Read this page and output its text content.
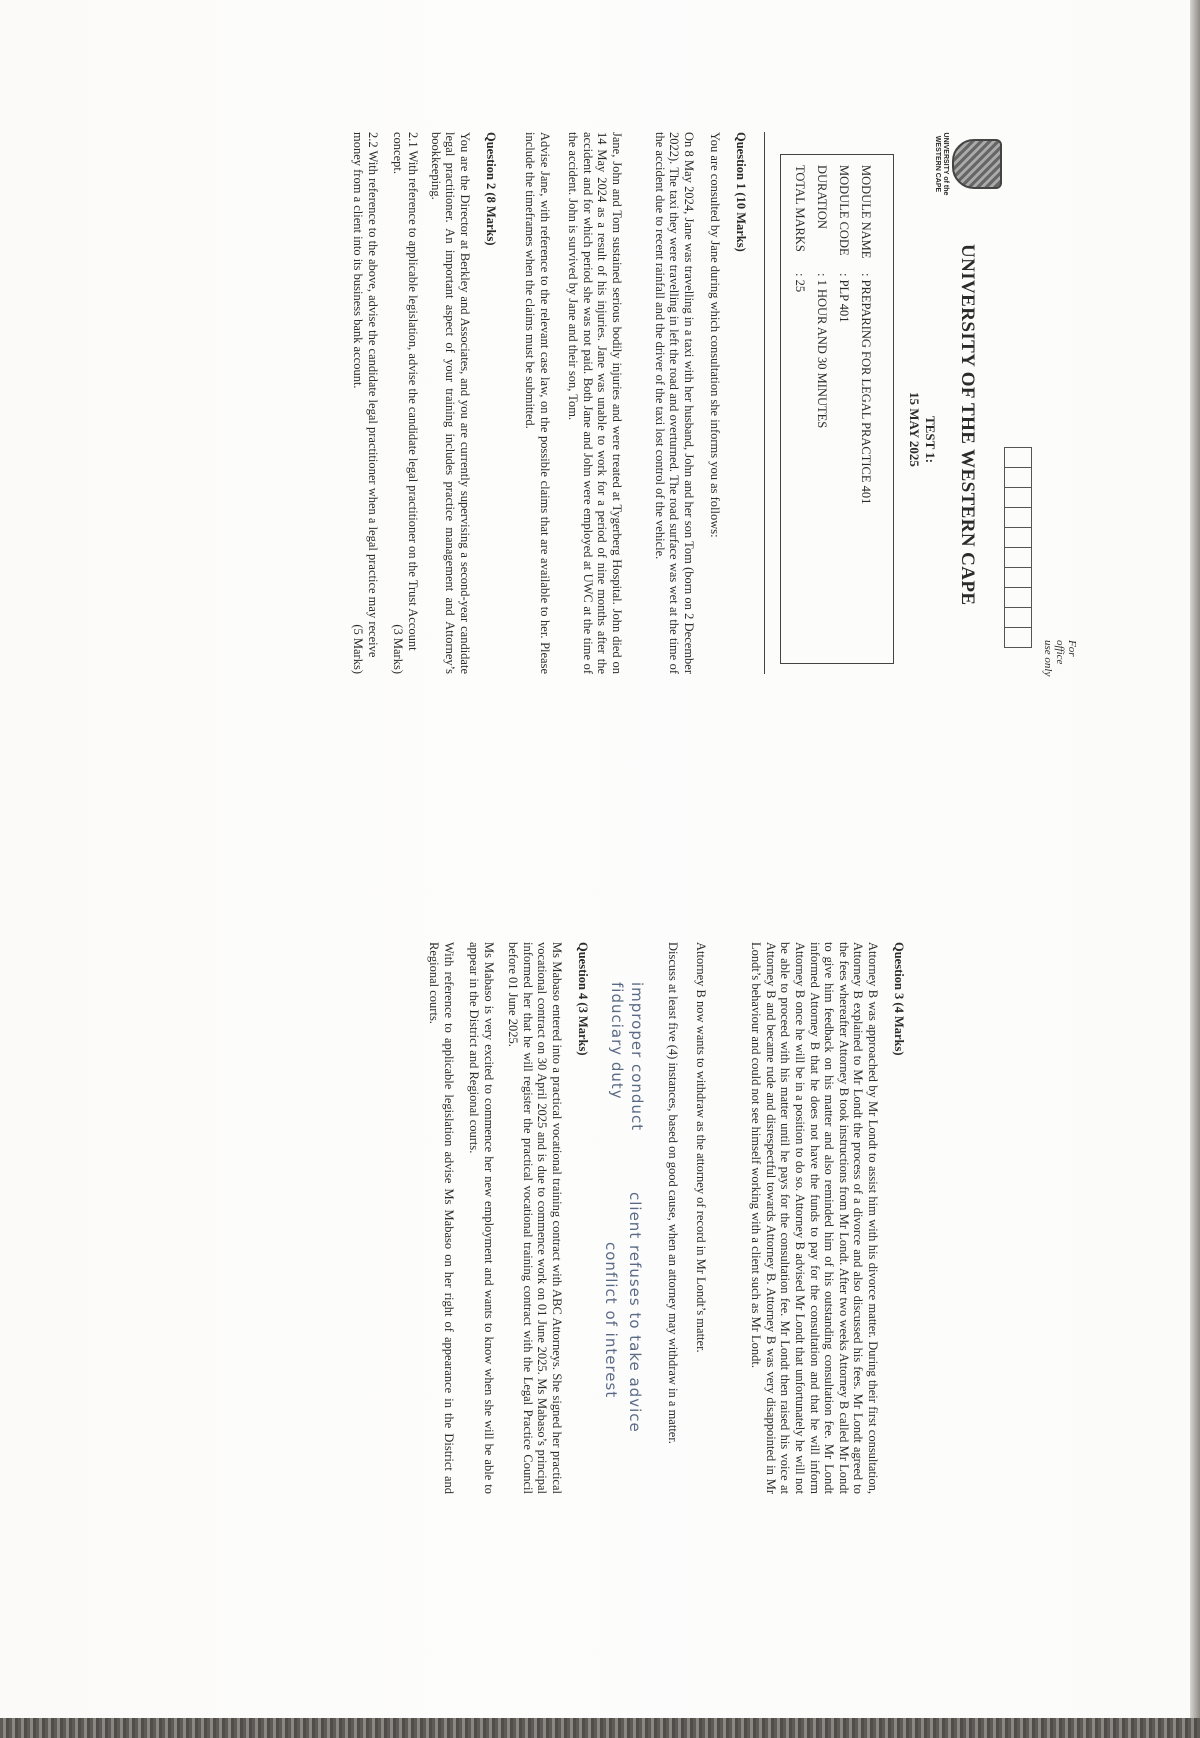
UNIVERSITY of the
WESTERN CAPE
For office use only
UNIVERSITY OF THE WESTERN CAPE
TEST 1:
15 MAY 2025
MODULE NAME: PREPARING FOR LEGAL PRACTICE 401
MODULE CODE: PLP 401
DURATION: 1 HOUR AND 30 MINUTES
TOTAL MARKS: 25
Question 1 (10 Marks)
You are consulted by Jane during which consultation she informs you as follows:
On 8 May 2024, Jane was travelling in a taxi with her husband, John and her son Tom (born on 2 December 2022). The taxi they were travelling in left the road and overturned. The road surface was wet at the time of the accident due to recent rainfall and the driver of the taxi lost control of the vehicle.
Jane, John and Tom sustained serious bodily injuries and were treated at Tygerberg Hospital. John died on 14 May 2024 as a result of his injuries. Jane was unable to work for a period of nine months after the accident and for which period she was not paid. Both Jane and John were employed at UWC at the time of the accident. John is survived by Jane and their son, Tom.
Advise Jane, with reference to the relevant case law, on the possible claims that are available to her. Please include the timeframes when the claims must be submitted.
Question 2 (8 Marks)
You are the Director at Berkley and Associates, and you are currently supervising a second-year candidate legal practitioner. An important aspect of your training includes practice management and Attorney’s bookkeeping.
2.1 With reference to applicable legislation, advise the candidate legal practitioner on the Trust Account concept.
(3 Marks)
2.2 With reference to the above, advise the candidate legal practitioner when a legal practice may receive money from a client into its business bank account.
(5 Marks)
Question 3 (4 Marks)
Attorney B was approached by Mr Londt to assist him with his divorce matter. During their first consultation, Attorney B explained to Mr Londt the process of a divorce and also discussed his fees. Mr Londt agreed to the fees whereafter Attorney B took instructions from Mr Londt. After two weeks Attorney B called Mr Londt to give him feedback on his matter and also reminded him of his outstanding consultation fee. Mr Londt informed Attorney B that he does not have the funds to pay for the consultation and that he will inform Attorney B once he will be in a position to do so. Attorney B advised Mr Londt that unfortunately he will not be able to proceed with his matter until he pays for the consultation fee. Mr Londt then raised his voice at Attorney B and became rude and disrespectful towards Attorney B. Attorney B was very disappointed in Mr Londt’s behaviour and could not see himself working with a client such as Mr Londt.
Attorney B now wants to withdraw as the attorney of record in Mr Londt’s matter.
Discuss at least five (4) instances, based on good cause, when an attorney may withdraw in a matter.
improper conduct
client refuses to take advice
fiduciary duty
conflict of interest
Question 4 (3 Marks)
Ms Mabaso entered into a practical vocational training contract with ABC Attorneys. She signed her practical vocational contract on 30 April 2025 and is due to commence work on 01 June 2025. Ms Mabaso’s principal informed her that he will register the practical vocational training contract with the Legal Practice Council before 01 June 2025.
Ms Mabaso is very excited to commence her new employment and wants to know when she will be able to appear in the District and Regional courts.
With reference to applicable legislation advise Ms Mabaso on her right of appearance in the District and Regional courts.
